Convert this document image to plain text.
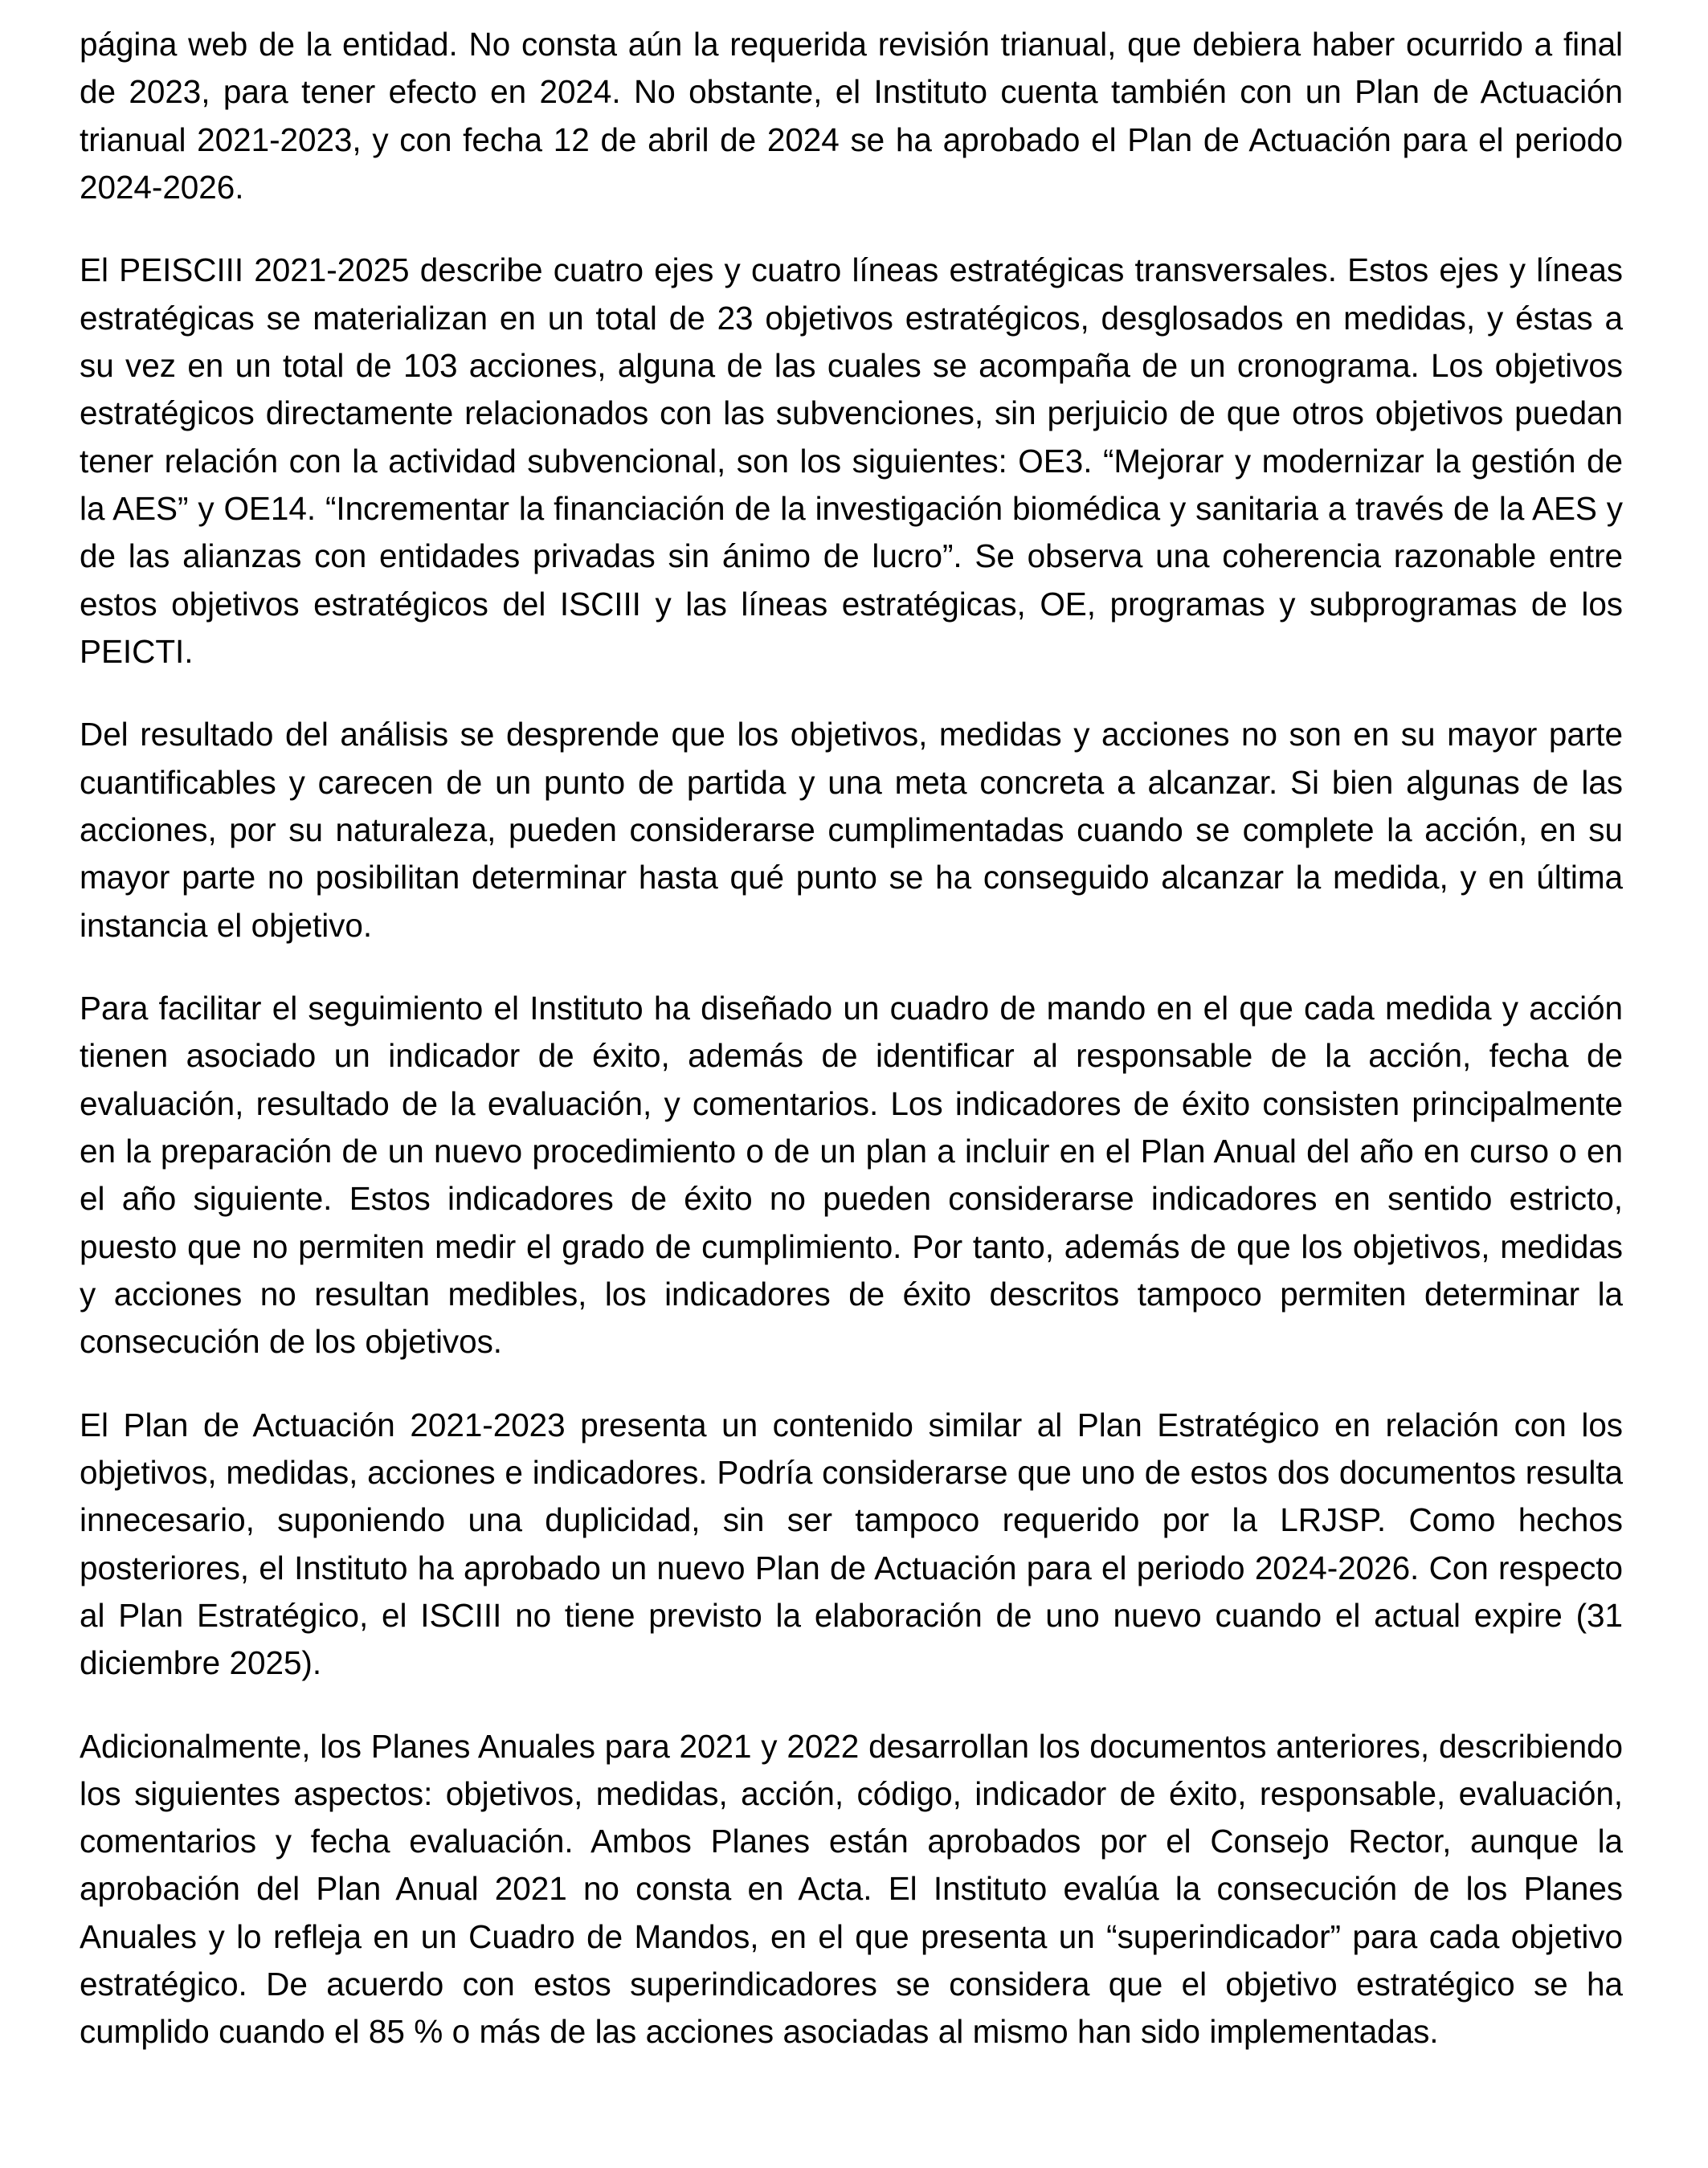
página web de la entidad. No consta aún la requerida revisión trianual, que debiera haber ocurrido a final de 2023, para tener efecto en 2024. No obstante, el Instituto cuenta también con un Plan de Actuación trianual 2021-2023, y con fecha 12 de abril de 2024 se ha aprobado el Plan de Actuación para el periodo 2024-2026.

El PEISCIII 2021-2025 describe cuatro ejes y cuatro líneas estratégicas transversales. Estos ejes y líneas estratégicas se materializan en un total de 23 objetivos estratégicos, desglosados en medidas, y éstas a su vez en un total de 103 acciones, alguna de las cuales se acompaña de un cronograma. Los objetivos estratégicos directamente relacionados con las subvenciones, sin perjuicio de que otros objetivos puedan tener relación con la actividad subvencional, son los siguientes: OE3. “Mejorar y modernizar la gestión de la AES” y OE14. “Incrementar la financiación de la investigación biomédica y sanitaria a través de la AES y de las alianzas con entidades privadas sin ánimo de lucro”. Se observa una coherencia razonable entre estos objetivos estratégicos del ISCIII y las líneas estratégicas, OE, programas y subprogramas de los PEICTI.

Del resultado del análisis se desprende que los objetivos, medidas y acciones no son en su mayor parte cuantificables y carecen de un punto de partida y una meta concreta a alcanzar. Si bien algunas de las acciones, por su naturaleza, pueden considerarse cumplimentadas cuando se complete la acción, en su mayor parte no posibilitan determinar hasta qué punto se ha conseguido alcanzar la medida, y en última instancia el objetivo.

Para facilitar el seguimiento el Instituto ha diseñado un cuadro de mando en el que cada medida y acción tienen asociado un indicador de éxito, además de identificar al responsable de la acción, fecha de evaluación, resultado de la evaluación, y comentarios. Los indicadores de éxito consisten principalmente en la preparación de un nuevo procedimiento o de un plan a incluir en el Plan Anual del año en curso o en el año siguiente. Estos indicadores de éxito no pueden considerarse indicadores en sentido estricto, puesto que no permiten medir el grado de cumplimiento. Por tanto, además de que los objetivos, medidas y acciones no resultan medibles, los indicadores de éxito descritos tampoco permiten determinar la consecución de los objetivos.

El Plan de Actuación 2021-2023 presenta un contenido similar al Plan Estratégico en relación con los objetivos, medidas, acciones e indicadores. Podría considerarse que uno de estos dos documentos resulta innecesario, suponiendo una duplicidad, sin ser tampoco requerido por la LRJSP. Como hechos posteriores, el Instituto ha aprobado un nuevo Plan de Actuación para el periodo 2024-2026. Con respecto al Plan Estratégico, el ISCIII no tiene previsto la elaboración de uno nuevo cuando el actual expire (31 diciembre 2025).

Adicionalmente, los Planes Anuales para 2021 y 2022 desarrollan los documentos anteriores, describiendo los siguientes aspectos: objetivos, medidas, acción, código, indicador de éxito, responsable, evaluación, comentarios y fecha evaluación. Ambos Planes están aprobados por el Consejo Rector, aunque la aprobación del Plan Anual 2021 no consta en Acta. El Instituto evalúa la consecución de los Planes Anuales y lo refleja en un Cuadro de Mandos, en el que presenta un “superindicador” para cada objetivo estratégico. De acuerdo con estos superindicadores se considera que el objetivo estratégico se ha cumplido cuando el 85 % o más de las acciones asociadas al mismo han sido implementadas.
